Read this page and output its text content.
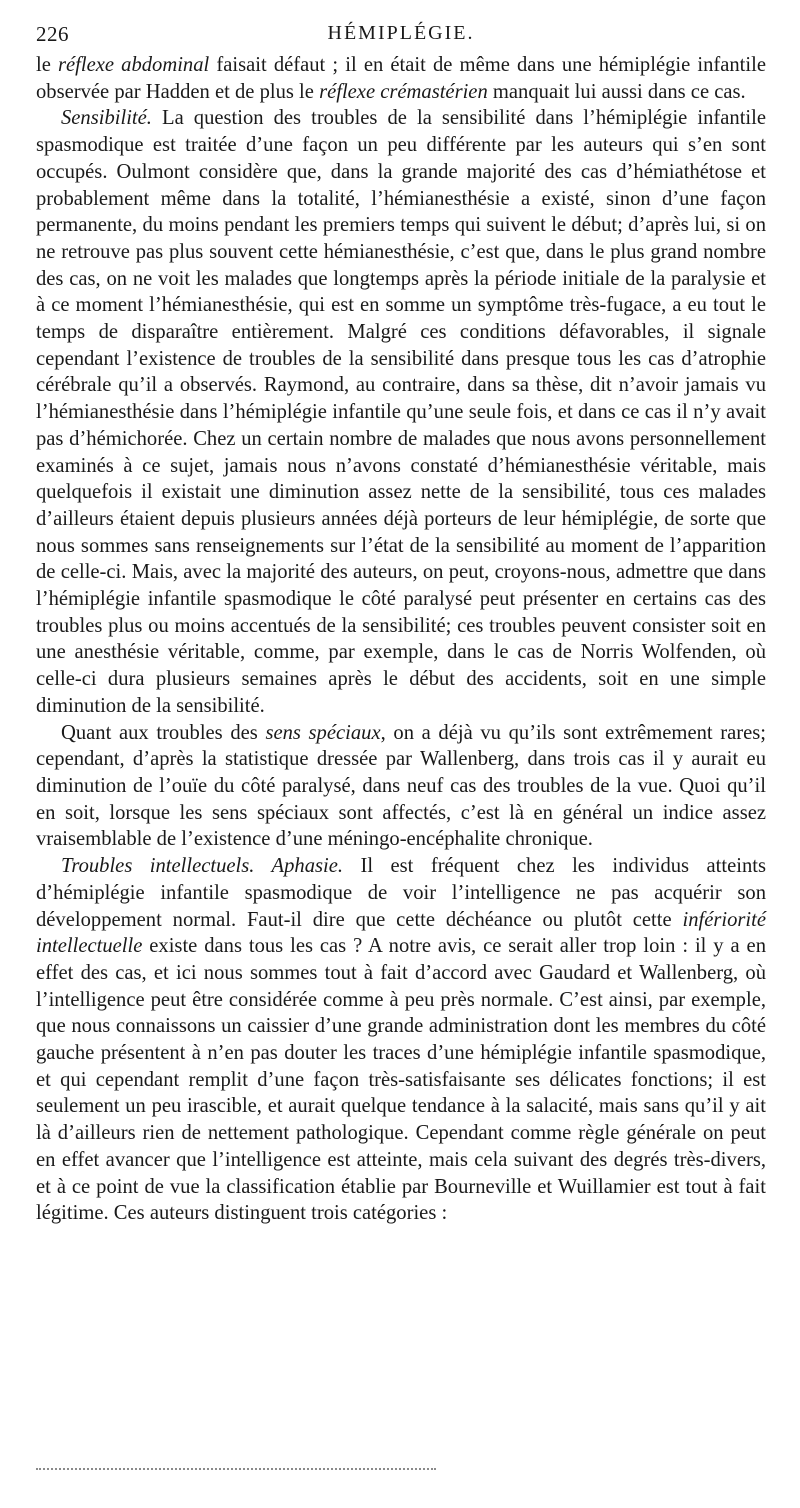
226	HÉMIPLÉGIE.

le réflexe abdominal faisait défaut ; il en était de même dans une hémiplégie infantile observée par Hadden et de plus le réflexe crémastérien manquait lui aussi dans ce cas.

Sensibilité. La question des troubles de la sensibilité dans l’hémiplégie infantile spasmodique est traitée d’une façon un peu différente par les auteurs qui s’en sont occupés. Oulmont considère que, dans la grande majorité des cas d’hémiathétose et probablement même dans la totalité, l’hémianesthésie a existé, sinon d’une façon permanente, du moins pendant les premiers temps qui suivent le début; d’après lui, si on ne retrouve pas plus souvent cette hémianesthésie, c’est que, dans le plus grand nombre des cas, on ne voit les malades que longtemps après la période initiale de la paralysie et à ce moment l’hémianesthésie, qui est en somme un symptôme très-fugace, a eu tout le temps de disparaître entièrement. Malgré ces conditions défavorables, il signale cependant l’existence de troubles de la sensibilité dans presque tous les cas d’atrophie cérébrale qu’il a observés. Raymond, au contraire, dans sa thèse, dit n’avoir jamais vu l’hémianesthésie dans l’hémiplégie infantile qu’une seule fois, et dans ce cas il n’y avait pas d’hémichorée. Chez un certain nombre de malades que nous avons personnellement examinés à ce sujet, jamais nous n’avons constaté d’hémianesthésie véritable, mais quelquefois il existait une diminution assez nette de la sensibilité, tous ces malades d’ailleurs étaient depuis plusieurs années déjà porteurs de leur hémiplégie, de sorte que nous sommes sans renseignements sur l’état de la sensibilité au moment de l’apparition de celle-ci. Mais, avec la majorité des auteurs, on peut, croyons-nous, admettre que dans l’hémiplégie infantile spasmodique le côté paralysé peut présenter en certains cas des troubles plus ou moins accentués de la sensibilité; ces troubles peuvent consister soit en une anesthésie véritable, comme, par exemple, dans le cas de Norris Wolfenden, où celle-ci dura plusieurs semaines après le début des accidents, soit en une simple diminution de la sensibilité.

Quant aux troubles des sens spéciaux, on a déjà vu qu’ils sont extrêmement rares; cependant, d’après la statistique dressée par Wallenberg, dans trois cas il y aurait eu diminution de l’ouïe du côté paralysé, dans neuf cas des troubles de la vue. Quoi qu’il en soit, lorsque les sens spéciaux sont affectés, c’est là en général un indice assez vraisemblable de l’existence d’une méningo-encéphalite chronique.

Troubles intellectuels. Aphasie. Il est fréquent chez les individus atteints d’hémiplégie infantile spasmodique de voir l’intelligence ne pas acquérir son développement normal. Faut-il dire que cette déchéance ou plutôt cette infériorité intellectuelle existe dans tous les cas ? A notre avis, ce serait aller trop loin : il y a en effet des cas, et ici nous sommes tout à fait d’accord avec Gaudard et Wallenberg, où l’intelligence peut être considérée comme à peu près normale. C’est ainsi, par exemple, que nous connaissons un caissier d’une grande administration dont les membres du côté gauche présentent à n’en pas douter les traces d’une hémiplégie infantile spasmodique, et qui cependant remplit d’une façon très-satisfaisante ses délicates fonctions; il est seulement un peu irascible, et aurait quelque tendance à la salacité, mais sans qu’il y ait là d’ailleurs rien de nettement pathologique. Cependant comme règle générale on peut en effet avancer que l’intelligence est atteinte, mais cela suivant des degrés très-divers, et à ce point de vue la classification établie par Bourneville et Wuillamier est tout à fait légitime. Ces auteurs distinguent trois catégories :
